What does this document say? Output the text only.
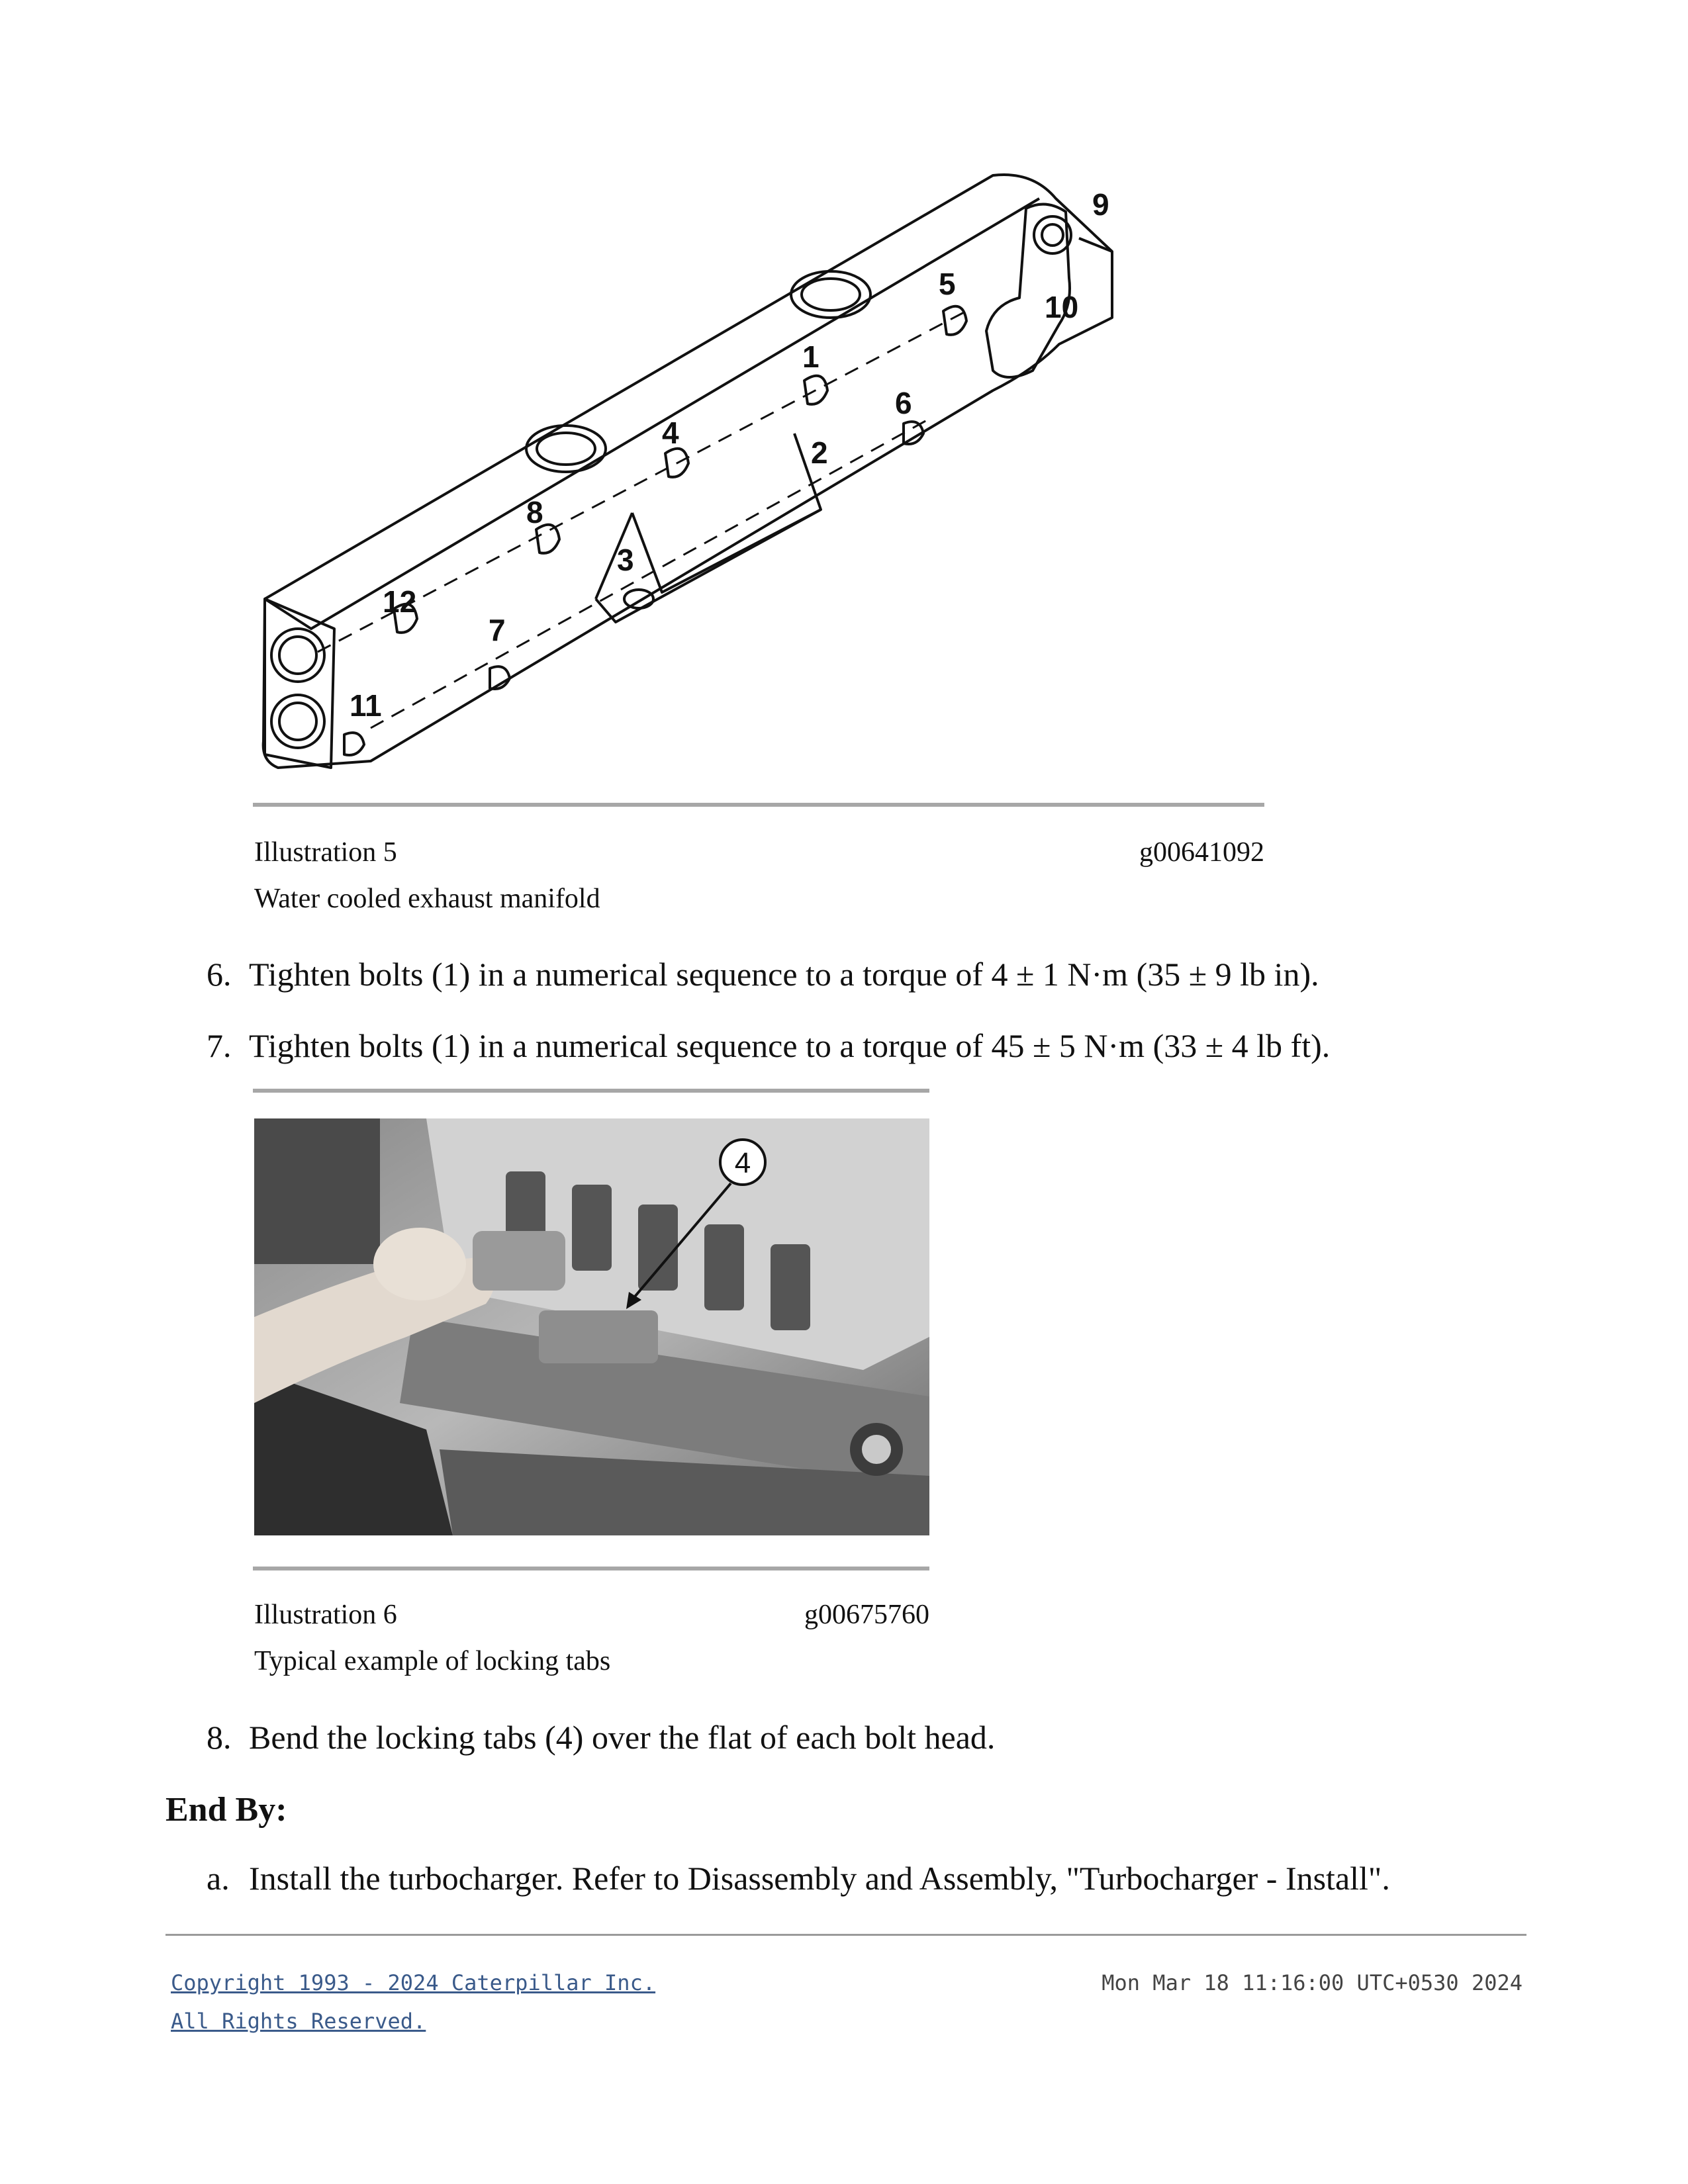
1
2
3
4
5
6
7
8
9
10
11
12
Illustration 5	g00641092
Water cooled exhaust manifold
6. Tighten bolts (1) in a numerical sequence to a torque of 4 ± 1 N·m (35 ± 9 lb in).
7. Tighten bolts (1) in a numerical sequence to a torque of 45 ± 5 N·m (33 ± 4 lb ft).
4
Illustration 6	g00675760
Typical example of locking tabs
8. Bend the locking tabs (4) over the flat of each bolt head.
End By:
a. Install the turbocharger. Refer to Disassembly and Assembly, "Turbocharger - Install".
Copyright 1993 - 2024 Caterpillar Inc.
All Rights Reserved.
Mon Mar 18 11:16:00 UTC+0530 2024
